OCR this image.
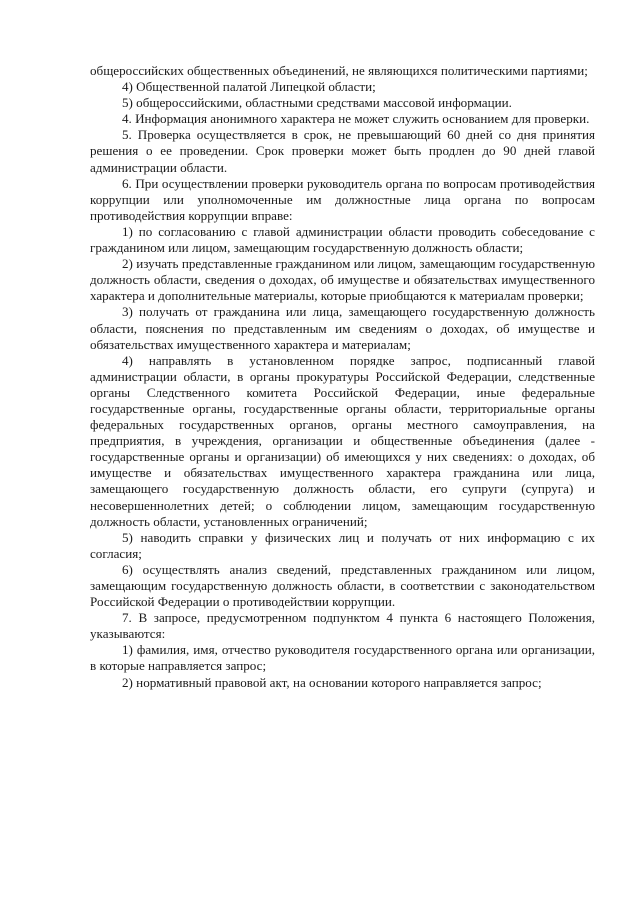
общероссийских общественных объединений, не являющихся политическими партиями;

4) Общественной палатой Липецкой области;

5) общероссийскими, областными средствами массовой информации.

4. Информация анонимного характера не может служить основанием для проверки.

5. Проверка осуществляется в срок, не превышающий 60 дней со дня принятия решения о ее проведении. Срок проверки может быть продлен до 90 дней главой администрации области.

6. При осуществлении проверки руководитель органа по вопросам противодействия коррупции или уполномоченные им должностные лица органа по вопросам противодействия коррупции вправе:

1) по согласованию с главой администрации области проводить собеседование с гражданином или лицом, замещающим государственную должность области;

2) изучать представленные гражданином или лицом, замещающим государственную должность области, сведения о доходах, об имуществе и обязательствах имущественного характера и дополнительные материалы, которые приобщаются к материалам проверки;

3) получать от гражданина или лица, замещающего государственную должность области, пояснения по представленным им сведениям о доходах, об имуществе и обязательствах имущественного характера и материалам;

4) направлять в установленном порядке запрос, подписанный главой администрации области, в органы прокуратуры Российской Федерации, следственные органы Следственного комитета Российской Федерации, иные федеральные государственные органы, государственные органы области, территориальные органы федеральных государственных органов, органы местного самоуправления, на предприятия, в учреждения, организации и общественные объединения (далее - государственные органы и организации) об имеющихся у них сведениях: о доходах, об имуществе и обязательствах имущественного характера гражданина или лица, замещающего государственную должность области, его супруги (супруга) и несовершеннолетних детей; о соблюдении лицом, замещающим государственную должность области, установленных ограничений;

5) наводить справки у физических лиц и получать от них информацию с их согласия;

6) осуществлять анализ сведений, представленных гражданином или лицом, замещающим государственную должность области, в соответствии с законодательством Российской Федерации о противодействии коррупции.

7. В запросе, предусмотренном подпунктом 4 пункта 6 настоящего Положения, указываются:

1) фамилия, имя, отчество руководителя государственного органа или организации, в которые направляется запрос;

2) нормативный правовой акт, на основании которого направляется запрос;
